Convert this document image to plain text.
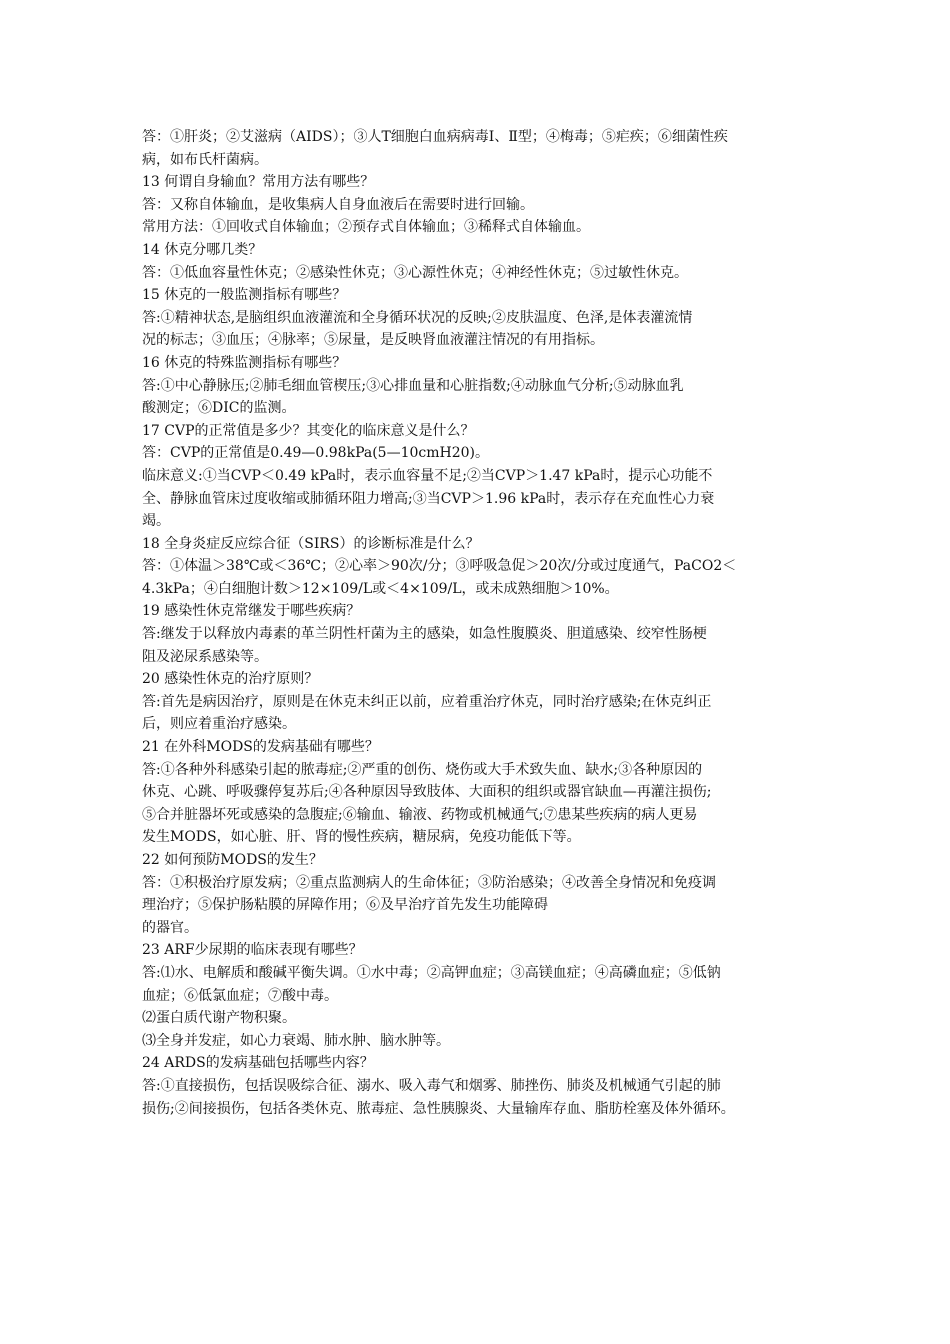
答：①肝炎；②艾滋病（AIDS）；③人T细胞白血病病毒Ⅰ、Ⅱ型；④梅毒；⑤疟疾；⑥细菌性疾

病，如布氏杆菌病。

13 何谓自身输血？常用方法有哪些？

答：又称自体输血，是收集病人自身血液后在需要时进行回输。

常用方法：①回收式自体输血；②预存式自体输血；③稀释式自体输血。

14 休克分哪几类？

答：①低血容量性休克；②感染性休克；③心源性休克；④神经性休克；⑤过敏性休克。

15 休克的一般监测指标有哪些？

答:①精神状态,是脑组织血液灌流和全身循环状况的反映;②皮肤温度、色泽,是体表灌流情

况的标志；③血压；④脉率；⑤尿量，是反映肾血液灌注情况的有用指标。

16 休克的特殊监测指标有哪些？

答:①中心静脉压;②肺毛细血管楔压;③心排血量和心脏指数;④动脉血气分析;⑤动脉血乳

酸测定；⑥DIC的监测。

17 CVP的正常值是多少？其变化的临床意义是什么？

答：CVP的正常值是0.49—0.98kPa(5—10cmH20)。

临床意义:①当CVP＜0.49 kPa时，表示血容量不足;②当CVP＞1.47 kPa时，提示心功能不

全、静脉血管床过度收缩或肺循环阻力增高;③当CVP＞1.96 kPa时，表示存在充血性心力衰

竭。

18 全身炎症反应综合征（SIRS）的诊断标准是什么？

答：①体温＞38℃或＜36℃；②心率＞90次/分；③呼吸急促＞20次/分或过度通气，PaCO2＜

4.3kPa；④白细胞计数＞12×109/L或＜4×109/L，或未成熟细胞＞10%。

19 感染性休克常继发于哪些疾病？

答:继发于以释放内毒素的革兰阴性杆菌为主的感染，如急性腹膜炎、胆道感染、绞窄性肠梗

阻及泌尿系感染等。

20 感染性休克的治疗原则？

答:首先是病因治疗，原则是在休克未纠正以前，应着重治疗休克，同时治疗感染;在休克纠正

后，则应着重治疗感染。

21 在外科MODS的发病基础有哪些？

答:①各种外科感染引起的脓毒症;②严重的创伤、烧伤或大手术致失血、缺水;③各种原因的

休克、心跳、呼吸骤停复苏后;④各种原因导致肢体、大面积的组织或器官缺血—再灌注损伤;

⑤合并脏器坏死或感染的急腹症;⑥输血、输液、药物或机械通气;⑦患某些疾病的病人更易

发生MODS，如心脏、肝、肾的慢性疾病，糖尿病，免疫功能低下等。

22 如何预防MODS的发生？

答：①积极治疗原发病；②重点监测病人的生命体征；③防治感染；④改善全身情况和免疫调

理治疗；⑤保护肠粘膜的屏障作用；⑥及早治疗首先发生功能障碍

的器官。

23 ARF少尿期的临床表现有哪些？

答:⑴水、电解质和酸碱平衡失调。①水中毒；②高钾血症；③高镁血症；④高磷血症；⑤低钠

血症；⑥低氯血症；⑦酸中毒。

⑵蛋白质代谢产物积聚。

⑶全身并发症，如心力衰竭、肺水肿、脑水肿等。

24 ARDS的发病基础包括哪些内容？

答:①直接损伤，包括误吸综合征、溺水、吸入毒气和烟雾、肺挫伤、肺炎及机械通气引起的肺

损伤;②间接损伤，包括各类休克、脓毒症、急性胰腺炎、大量输库存血、脂肪栓塞及体外循环。
